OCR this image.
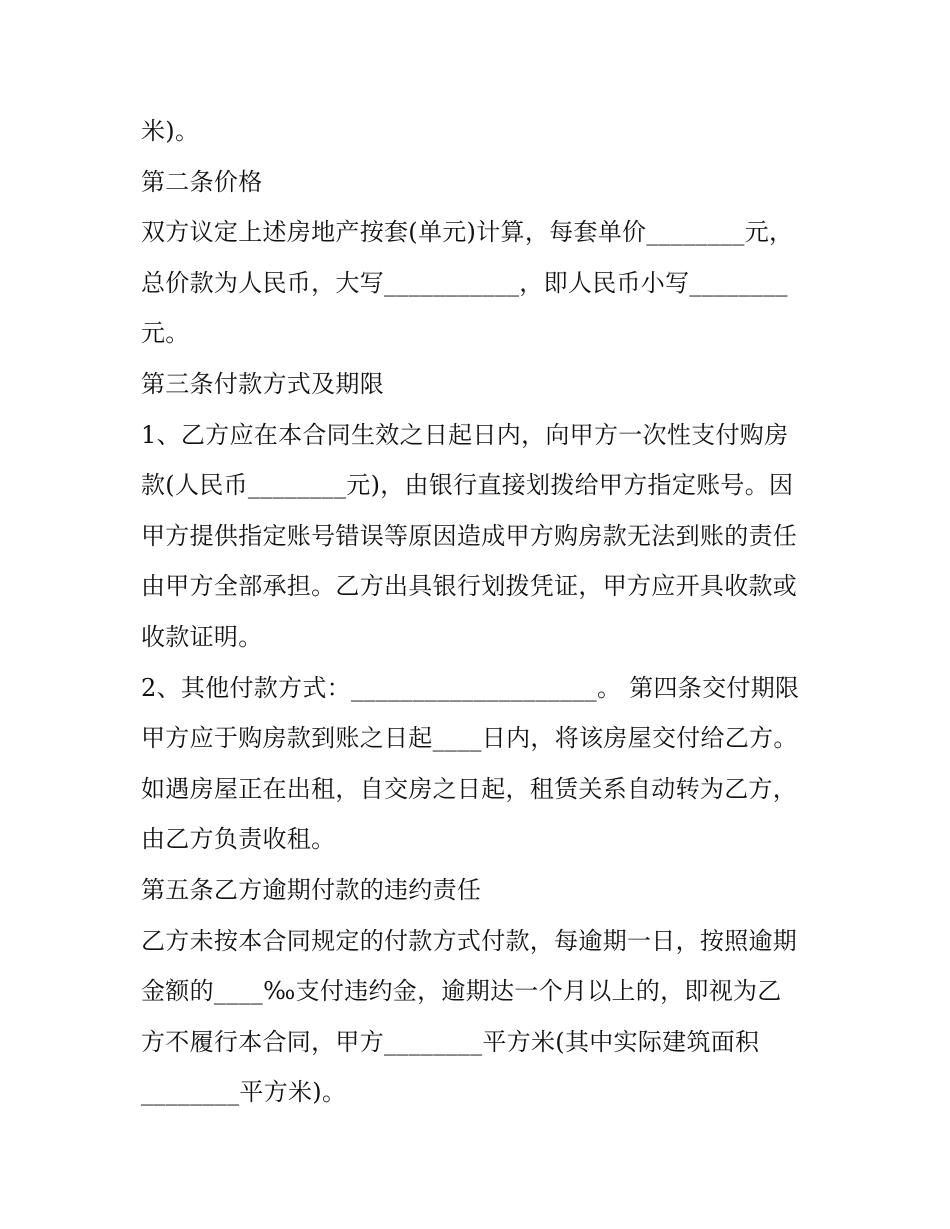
米)。
第二条价格
双方议定上述房地产按套(单元)计算，每套单价________元，
总价款为人民币，大写___________，即人民币小写________
元。
第三条付款方式及期限
1、乙方应在本合同生效之日起日内，向甲方一次性支付购房
款(人民币________元)，由银行直接划拨给甲方指定账号。因
甲方提供指定账号错误等原因造成甲方购房款无法到账的责任
由甲方全部承担。乙方出具银行划拨凭证，甲方应开具收款或
收款证明。
2、其他付款方式：____________________。 第四条交付期限
甲方应于购房款到账之日起____日内，将该房屋交付给乙方。
如遇房屋正在出租，自交房之日起，租赁关系自动转为乙方，
由乙方负责收租。
第五条乙方逾期付款的违约责任
乙方未按本合同规定的付款方式付款，每逾期一日，按照逾期
金额的____‰支付违约金，逾期达一个月以上的，即视为乙
方不履行本合同，甲方________平方米(其中实际建筑面积
________平方米)。
